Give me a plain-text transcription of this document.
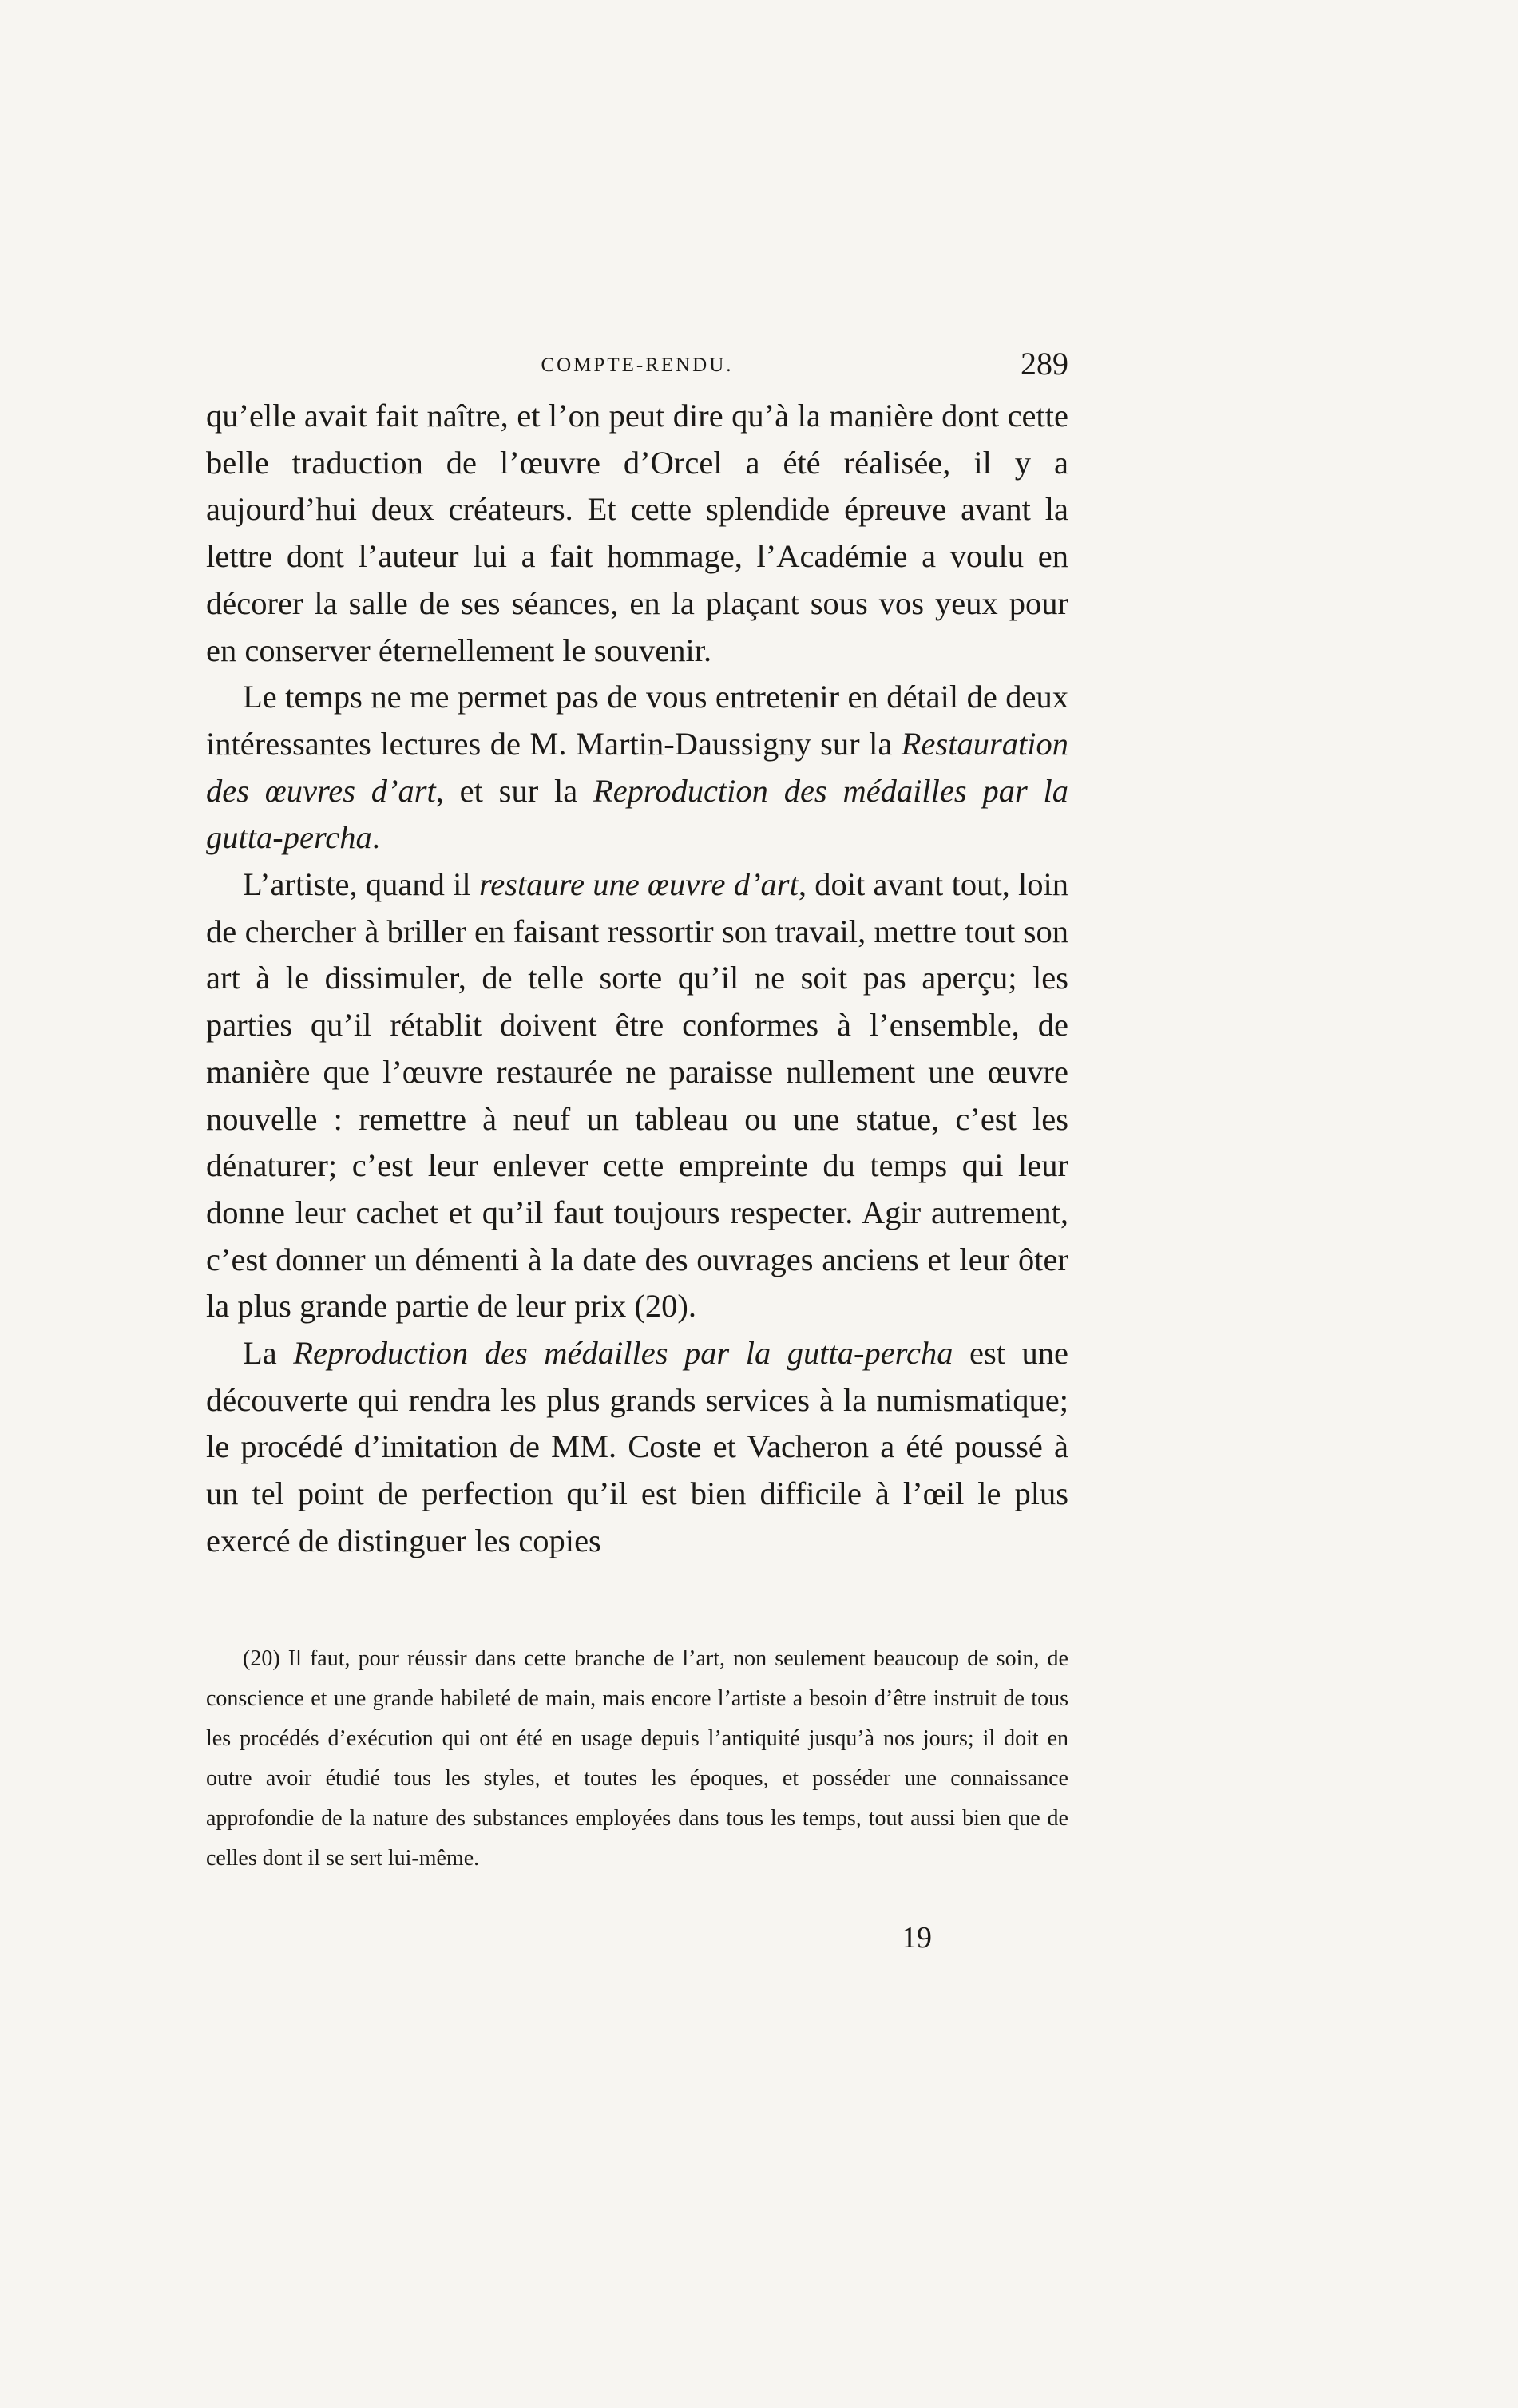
COMPTE-RENDU.	289

qu’elle avait fait naître, et l’on peut dire qu’à la manière dont cette belle traduction de l’œuvre d’Orcel a été réalisée, il y a aujourd’hui deux créateurs. Et cette splendide épreuve avant la lettre dont l’auteur lui a fait hommage, l’Académie a voulu en décorer la salle de ses séances, en la plaçant sous vos yeux pour en conserver éternellement le souvenir.

Le temps ne me permet pas de vous entretenir en détail de deux intéressantes lectures de M. Martin-Daussigny sur la Restauration des œuvres d’art, et sur la Reproduction des médailles par la gutta-percha.

L’artiste, quand il restaure une œuvre d’art, doit avant tout, loin de chercher à briller en faisant ressortir son travail, mettre tout son art à le dissimuler, de telle sorte qu’il ne soit pas aperçu; les parties qu’il rétablit doivent être conformes à l’ensemble, de manière que l’œuvre restaurée ne paraisse nullement une œuvre nouvelle : remettre à neuf un tableau ou une statue, c’est les dénaturer; c’est leur enlever cette empreinte du temps qui leur donne leur cachet et qu’il faut toujours respecter. Agir autrement, c’est donner un démenti à la date des ouvrages anciens et leur ôter la plus grande partie de leur prix (20).

La Reproduction des médailles par la gutta-percha est une découverte qui rendra les plus grands services à la numismatique; le procédé d’imitation de MM. Coste et Vacheron a été poussé à un tel point de perfection qu’il est bien difficile à l’œil le plus exercé de distinguer les copies

(20) Il faut, pour réussir dans cette branche de l’art, non seulement beaucoup de soin, de conscience et une grande habileté de main, mais encore l’artiste a besoin d’être instruit de tous les procédés d’exécution qui ont été en usage depuis l’antiquité jusqu’à nos jours; il doit en outre avoir étudié tous les styles, et toutes les époques, et posséder une connaissance approfondie de la nature des substances employées dans tous les temps, tout aussi bien que de celles dont il se sert lui-même.

19
